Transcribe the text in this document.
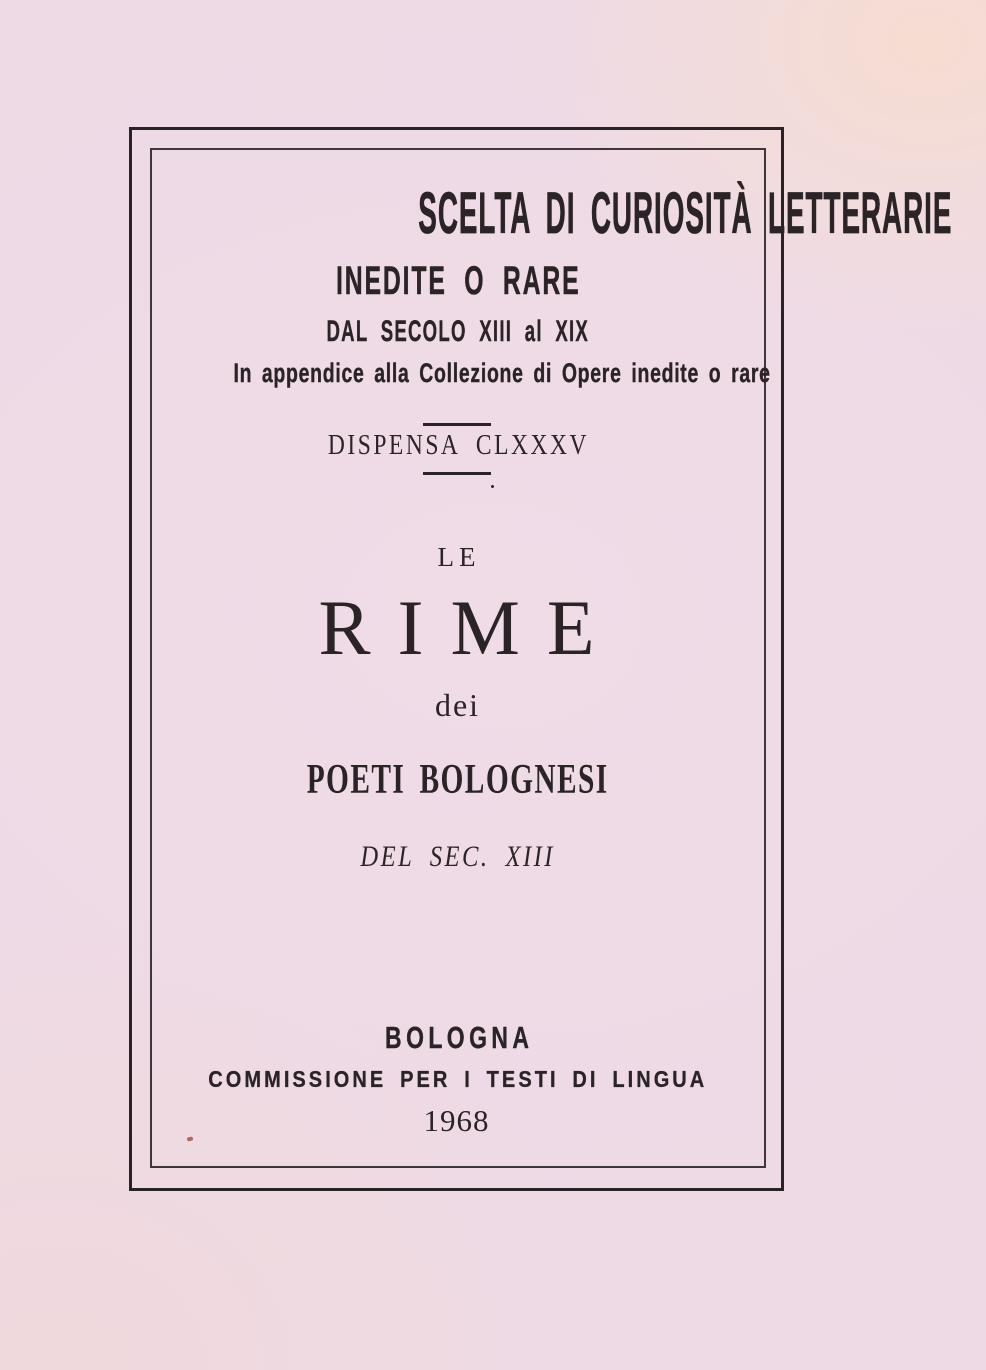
SCELTA DI CURIOSITÀ LETTERARIE
INEDITE O RARE
DAL SECOLO XIII al XIX
In appendice alla Collezione di Opere inedite o rare
DISPENSA CLXXXV
LE
RIME
dei
POETI BOLOGNESI
DEL SEC. XIII
BOLOGNA
COMMISSIONE PER I TESTI DI LINGUA
1968
